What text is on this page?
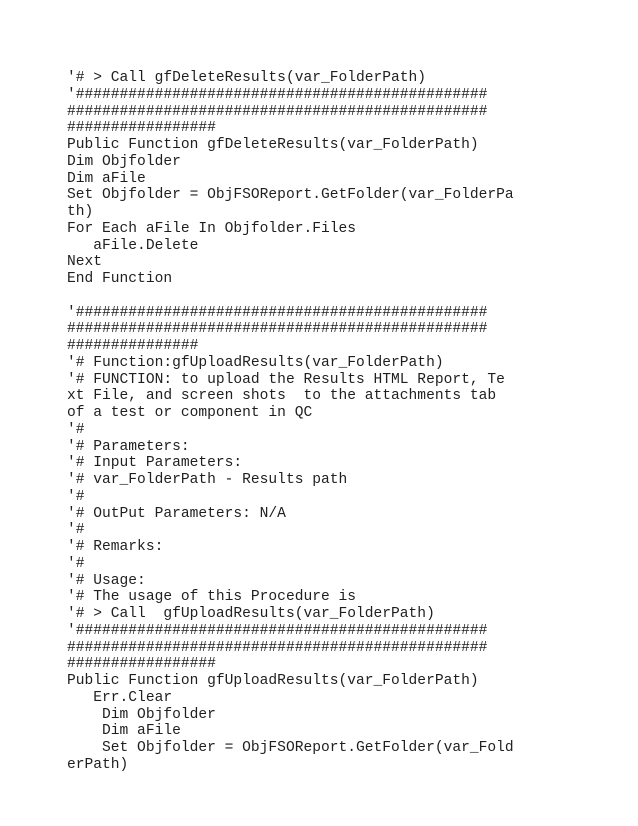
'# > Call gfDeleteResults(var_FolderPath)
'###############################################
################################################
#################
Public Function gfDeleteResults(var_FolderPath)
Dim Objfolder
Dim aFile
Set Objfolder = ObjFSOReport.GetFolder(var_FolderPa
th)
For Each aFile In Objfolder.Files
aFile.Delete
Next
End Function

'###############################################
################################################
###############
'# Function:gfUploadResults(var_FolderPath)
'# FUNCTION: to upload the Results HTML Report, Te
xt File, and screen shots  to the attachments tab
of a test or component in QC
'#
'# Parameters:
'# Input Parameters:
'# var_FolderPath - Results path
'#
'# OutPut Parameters: N/A
'#
'# Remarks:
'#
'# Usage:
'# The usage of this Procedure is
'# > Call  gfUploadResults(var_FolderPath)
'###############################################
################################################
#################
Public Function gfUploadResults(var_FolderPath)
Err.Clear
Dim Objfolder
Dim aFile
Set Objfolder = ObjFSOReport.GetFolder(var_Fold
erPath)
